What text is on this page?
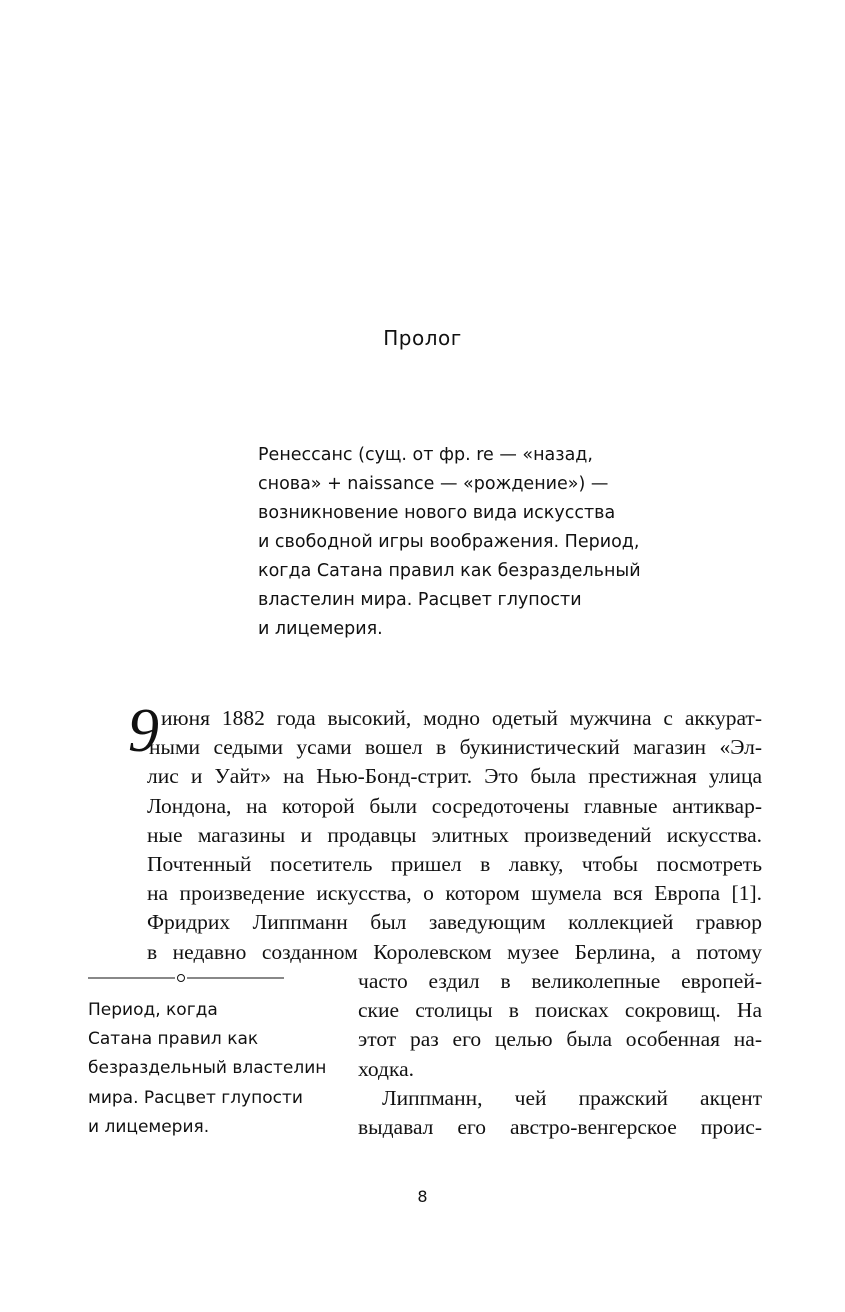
Пролог
Ренессанс (сущ. от фр. re — «назад,
снова» + naissance — «рождение») —
возникновение нового вида искусства
и свободной игры воображения. Период,
когда Сатана правил как безраздельный
властелин мира. Расцвет глупости
и лицемерия.
9 июня 1882 года высокий, модно одетый мужчина с аккурат-
ными седыми усами вошел в букинистический магазин «Эл-
лис и Уайт» на Нью-Бонд-стрит. Это была престижная улица
Лондона, на которой были сосредоточены главные антиквар-
ные магазины и продавцы элитных произведений искусства.
Почтенный посетитель пришел в лавку, чтобы посмотреть
на произведение искусства, о котором шумела вся Европа [1].
Фридрих Липпманн был заведующим коллекцией гравюр
в недавно созданном Королевском музее Берлина, а потому
Период, когда
Сатана правил как
безраздельный властелин
мира. Расцвет глупости
и лицемерия.
часто ездил в великолепные европей-
ские столицы в поисках сокровищ. На
этот раз его целью была особенная на-
ходка.
Липпманн, чей пражский акцент
выдавал его австро-венгерское проис-
8
